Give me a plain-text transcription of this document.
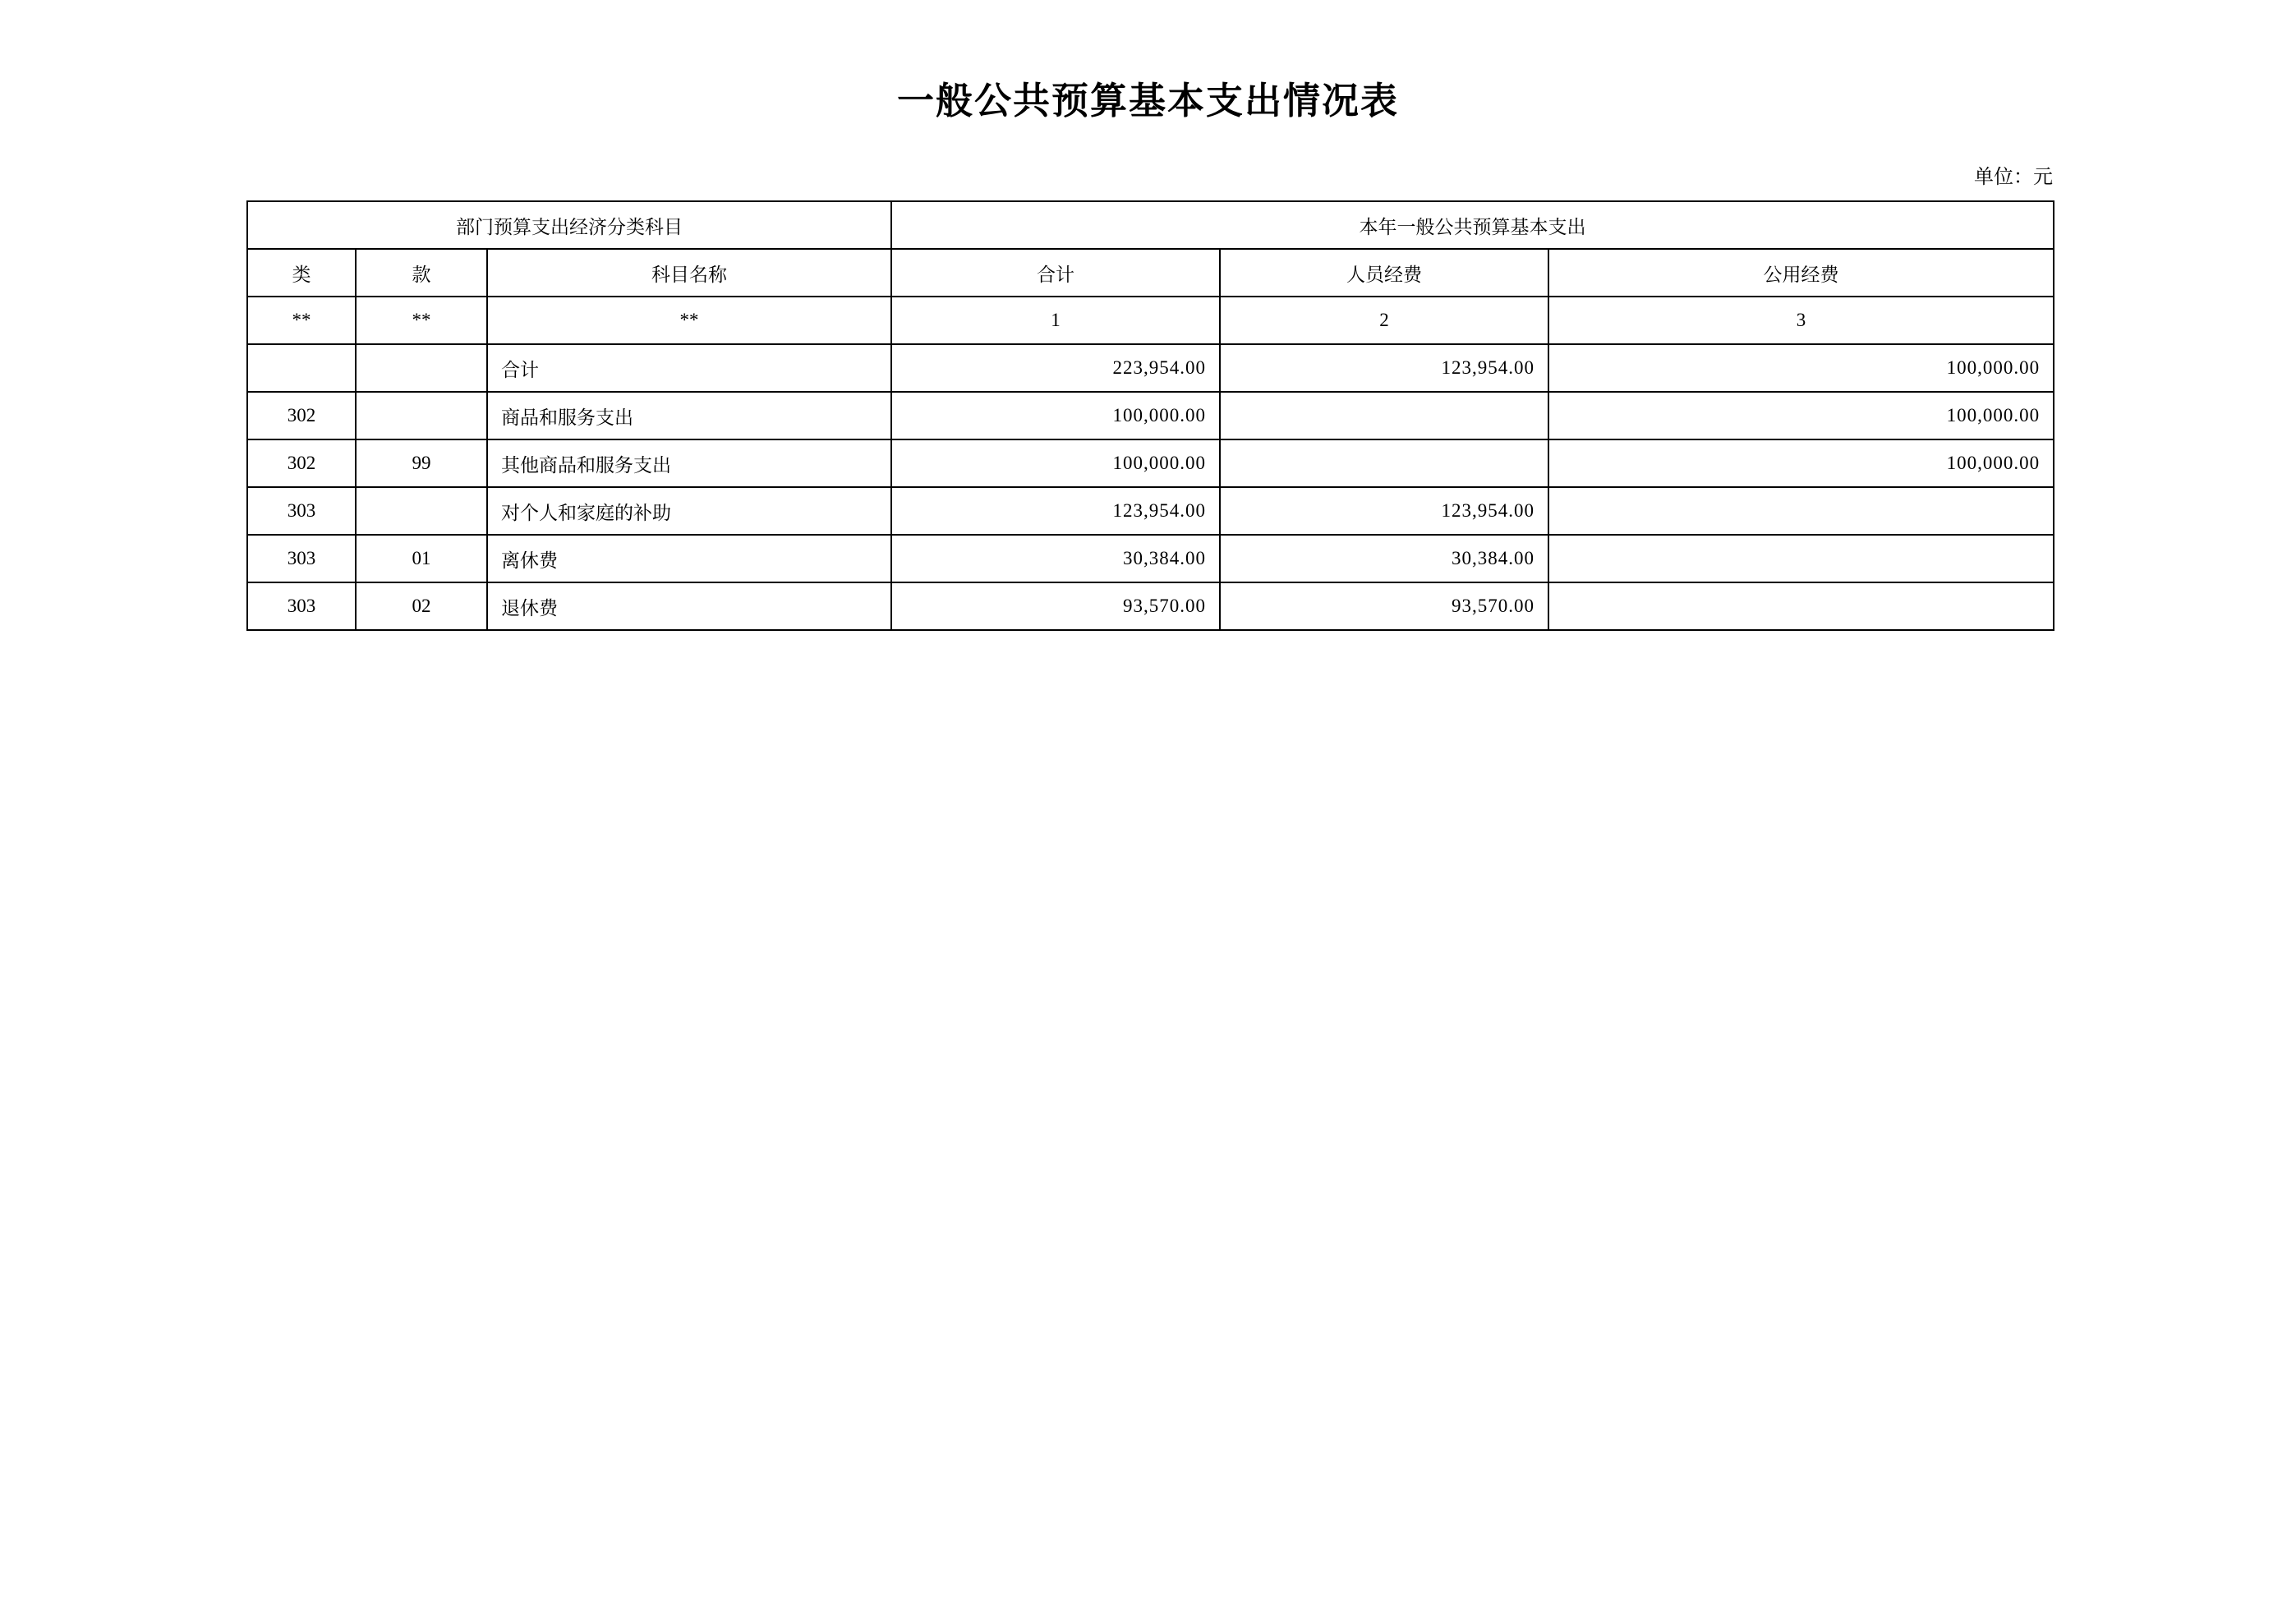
一般公共预算基本支出情况表
单位：元
部门预算支出经济分类科目			本年一般公共预算基本支出		
类	款	科目名称	合计	人员经费	公用经费
**	**	**	1	2	3
		合计	223,954.00	123,954.00	100,000.00
302		商品和服务支出	100,000.00		100,000.00
302	99	其他商品和服务支出	100,000.00		100,000.00
303		对个人和家庭的补助	123,954.00	123,954.00	
303	01	离休费	30,384.00	30,384.00	
303	02	退休费	93,570.00	93,570.00	
